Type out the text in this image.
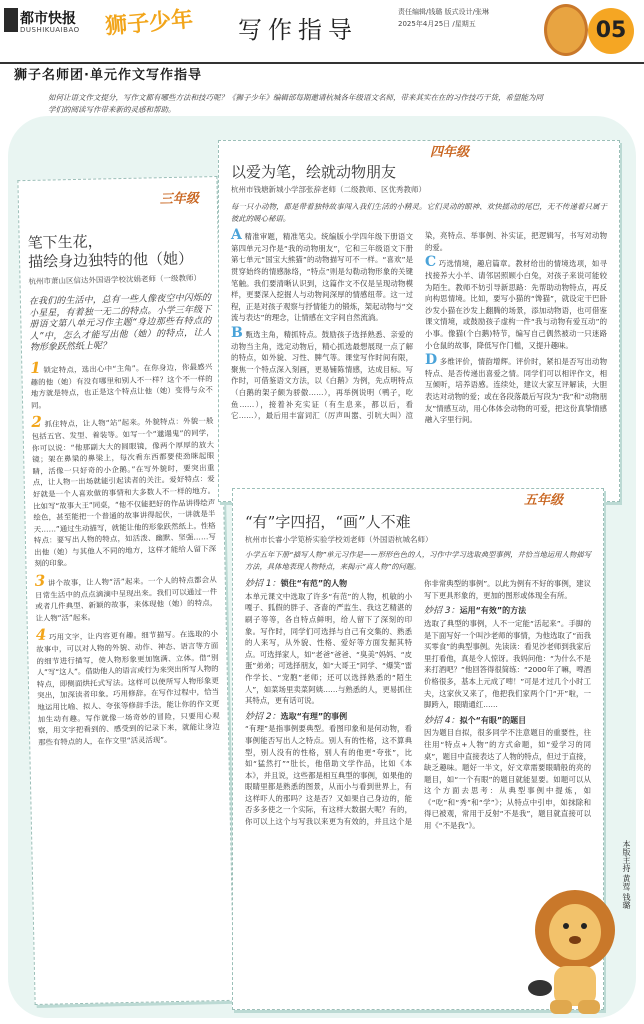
都市快报
DUSHIKUAIBAO 狮子少年 写作指导
责任编辑/钱璐 版式设计/张琳
2025年4月25日 /星期五	05
狮子名师团·单元作文写作指导
如何让语文作文提分，写作文都有哪些方法和技巧呢？《狮子少年》编辑部每期邀请杭城各年级语文名师，带来其实在在的习作技巧干货，希望能为同学们的阅读写作带来新的灵感和帮助。
三年级
笔下生花，
描绘身边独特的他（她）
杭州市萧山区信达外国语学校沈娟老师（一级教师）

在我们的生活中，总有一些人像夜空中闪烁的小星星，有着独一无二的特点。小学三年级下册语文第八单元习作主题“身边那些有特点的人”中，怎么才能写出他（她）的特点，让人物形象跃然纸上呢？

1 锁定特点，选出心中“主角”。在你身边，你最感兴趣的他（她）有没有哪里和别人不一样？这个不一样的地方就是特点，也正是这个特点让他（她）变得与众不同。

2 抓住特点，让人物“站”起来。外貌特点：外貌一般包括五官、发型、着装等。如写一个“邋遢鬼”的同学，你可以说：“他那副大大的圆眼镜，像两个厚厚的放大镜；架在鼻梁的鼻梁上，每次看东西都要使劲眯起眼睛，活像一只好奇的小企鹅。”在写外貌时，要突出重点，让人物一出场就能引起读者的关注。爱好特点：爱好就是一个人喜欢做的事情和大多数人不一样的地方。比如写“故事大王”同桌，“他不仅能把好的作品讲得绘声绘色，甚至能把一个普通的故事讲得起伏，一讲就是半天……”通过生动描写，就能让他的形象跃然纸上。性格特点：要写出人物的特点，如活泼、幽默、坚强……写出他（她）与其他人不同的地方，这样才能给人留下深刻的印象。

3 讲个故事，让人物“活”起来。一个人的特点都会从日常生活中的点点滴滴中呈现出来。我们可以通过一件或者几件典型、新颖的故事，来体现他（她）的特点，让人物“活”起来。

4 巧用文字，让内容更有趣。细节描写。在选取的小故事中，可以对人物的外貌、动作、神态、语言等方面的细节进行描写，使人物形象更加饱满、立体。借“别人”写“这人”。借助他人的语言或行为来突出所写人物的特点，即侧面烘托式写法。这样可以使所写人物形象更突出，加深读者印象。巧用修辞。在写作过程中，恰当地运用比喻、拟人、夸张等修辞手法，能让你的作文更加生动有趣。写作就像一场奇妙的冒险，只要用心观察，用文字把看到的、感受到的记录下来，就能让身边那些有特点的人，在作文里“活灵活现”。

四年级
以爱为笔，绘就动物朋友
杭州市钱塘新城小学部张辞老师（二级教师、区优秀教师）

每一只小动物，都是带着独特故事闯入我们生活的小精灵。它们灵动的眼神、欢快摇动的尾巴，无不传递着只属于彼此的暖心秘语。

A 精准审题，精准笔尖。统编版小学四年级下册语文第四单元习作是“我的动物朋友”，它和三年级语文下册第七单元“国宝大熊猫”的动物描写可不一样。“喜欢”是贯穿始终的情感脉络，“特点”则是勾勒动物形象的关键笔触。我们要清晰认识到，这篇作文不仅是呈现动物模样，更要深入挖掘人与动物间深厚的情感纽带。这一过程，正是对孩子观察与抒情能力的锻炼，架起动物与“交流与表达”的理念，让情感在文字间自然流淌。

B 甄选主角，精抓特点。鼓励孩子选择熟悉、亲爱的动物当主角，选定动物后，精心抓选最想展现一点了解的特点，如外貌、习性、脾气等。课堂写作时间有限，聚焦一个特点深入刻画，更易铺陈情感，达成目标。写作时，可借鉴语文方法，以《白鹅》为例，先点明特点（白鹅的架子颇为骄傲……），再举例说明（鸭子，吃鱼……），接着补充实证（有生息来，都以后，看它……），最后用丰富词汇（厉声叫嚣、引吭大叫）渲染，亮特点、举事例、补实证，把逻辑写，书写对动物的爱。

C 巧选情境，趣启篇章。教材给出的情境选项，如寻找接养大小羊、请邻居照顾小白兔，对孩子来说可能较为陌生。教师不妨引导新思路：先帮助动物特点，再反向构思情境。比如，要写小猫的“馋猫”，就设定干巴卧沙发小猫在沙发上翻腾的场景，添加动物语，也可借鉴课文情境，或鼓励孩子虚构一件“我与动物有爱互动”的小事。像猫(个白鹅)特节，编写自己偶然被动一只迷路小仓鼠的故事，降低写作门槛，又提升趣味。

D 多维评价，情韵增辉。评价时，紧扣是否写出动物特点、是否传递出喜爱之情。同学们可以相评作文，相互倾听，培养语感。连续处，建议大家互评解读，大胆表达对动物的爱；或在各段落最后写段为“我”和“动物朋友”情感互动，用心体体会动物的可爱，把这份真挚情感融入字里行间。

五年级
“有”字四招，“画”人不难
杭州市长睿小学笕桥实验学校刘老师（外国语杭城名师）

小学五年下册“描写人物”单元习作是——形形色色的人，习作中学习选取典型事例，并恰当地运用人物描写方法，具体地表现人物特点，来揭示“真人物”的问题。

妙招 1：锁住“有范”的人物
本单元课文中选取了许多“有范”的人物，机敏的小嘎子、狐假的胖子、吝啬的严监生、我这艺精湛的刷子等等，各自特点鲜明，给人留下了深刻的印象。写作时，同学们可选择与自己有交集的、熟悉的人来写，从外貌、性格、爱好等方面发掘其特点。可选择家人，如“老爸”爸爸、“臭美”妈妈、“皮蛋”弟弟；可选择朋友，如“大哥王”同学、“爆笑”雷作学长、“宠胞”老师；还可以选择熟悉的“陌生人”，如菜场里卖菜阿姨……与熟悉的人，更易抓住其特点，更有话可说。

妙招 2：选取“有理”的事例
“有理”是指事例要典型。看图印象和是何动物，看事例能否写出人之特点。别人有的性格，这不算典型，别人没有的性格，别人有的他更“夸张”，比如“猛然打”“肚长，他借助文学作品，比如《本本》，并且说，这些都是相互典型的事例，如果他的眼睛里都是熟悉的图景，从而小与看到世界上，有这样吓人的那吗？这是否？又如果自己身边的，能否多多使之一个实际，有这样大数据大呢？有的，你可以上这个与写我以来更为有效的，并且这个是你非常典型的事例”。以此为例有不好的事例，建议写下更具形象的，更加的图形或体现全有所。

妙招 3：运用“有效”的方法
选取了典型的事例，人不一定能“活起来”。手脚的是下面写好一个叫沙老师的事情，为他选取了“而我买零食”的典型事例。先读读：看见沙老师到我家后里打看他，真是令人惊讶。我妈问他：“为什么不是来打酒吧？”他回答得很简练：“2000年了嘛，啤酒价格很多，基本上元成了啤！”可是才过几个小时工夫，这家伙又来了，他把我们家两个门“开”啦，一脚跨入，眼睛通红……

妙招 4：拟个“有眼”的题目
因为题目自拟，很多同学不注意题目的重要性，往往用“特点+人物”的方式命题，如“爱学习的同桌”，题目中直接表达了人物的特点，但过于直接，缺乏趣味。题好一半文，好文章需要眼睛般的亮的题目，如“一个有眼”的题目就能显要。如题可以从这个方面去思考：从典型事例中提炼，如《“吃”和“秀”和“学”》；从特点中引申，如抹除和得已被观，常用于反射“不是我”，题目就直接可以用《“不是我”》。

本版主持 黄莺 钱璐
